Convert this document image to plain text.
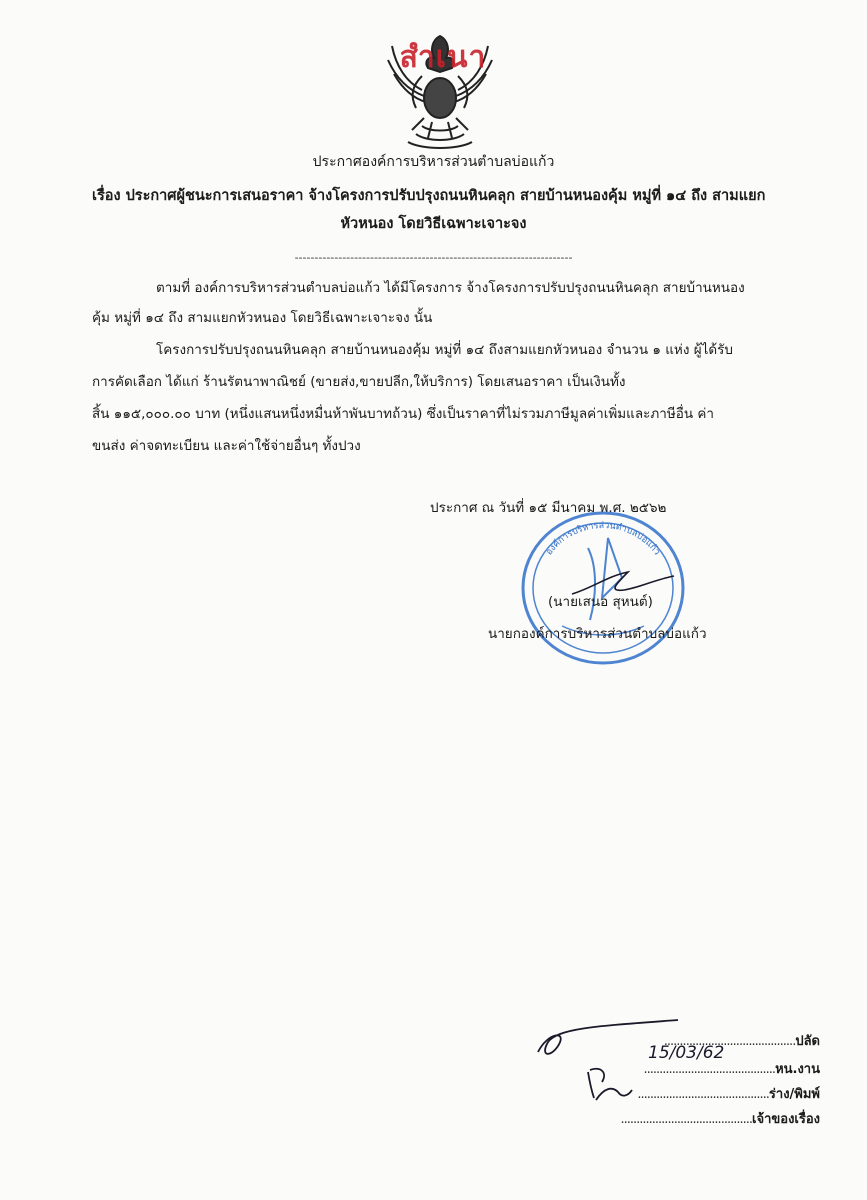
สำเนา
ประกาศองค์การบริหารส่วนตำบลบ่อแก้ว
เรื่อง ประกาศผู้ชนะการเสนอราคา จ้างโครงการปรับปรุงถนนหินคลุก สายบ้านหนองคุ้ม หมู่ที่ ๑๔ ถึง สามแยก
หัวหนอง โดยวิธีเฉพาะเจาะจง
----------------------------------------------------------------------
ตามที่ องค์การบริหารส่วนตำบลบ่อแก้ว ได้มีโครงการ จ้างโครงการปรับปรุงถนนหินคลุก สายบ้านหนอง
คุ้ม หมู่ที่ ๑๔ ถึง สามแยกหัวหนอง โดยวิธีเฉพาะเจาะจง นั้น
โครงการปรับปรุงถนนหินคลุก สายบ้านหนองคุ้ม หมู่ที่ ๑๔ ถึงสามแยกหัวหนอง จำนวน ๑ แห่ง ผู้ได้รับ
การคัดเลือก ได้แก่ ร้านรัตนาพาณิชย์ (ขายส่ง,ขายปลีก,ให้บริการ) โดยเสนอราคา เป็นเงินทั้ง
สิ้น ๑๑๕,๐๐๐.๐๐ บาท (หนึ่งแสนหนึ่งหมื่นห้าพันบาทถ้วน) ซึ่งเป็นราคาที่ไม่รวมภาษีมูลค่าเพิ่มและภาษีอื่น ค่า
ขนส่ง ค่าจดทะเบียน และค่าใช้จ่ายอื่นๆ ทั้งปวง
ประกาศ ณ วันที่ ๑๕ มีนาคม พ.ศ. ๒๕๖๒
องค์การบริหารส่วนตำบลบ่อแก้ว
(นายเสนอ สุหนต์)
นายกองค์การบริหารส่วนตำบลบ่อแก้ว
15/03/62
..........................................ปลัด
..........................................หน.งาน
..........................................ร่าง/พิมพ์
..........................................เจ้าของเรื่อง
